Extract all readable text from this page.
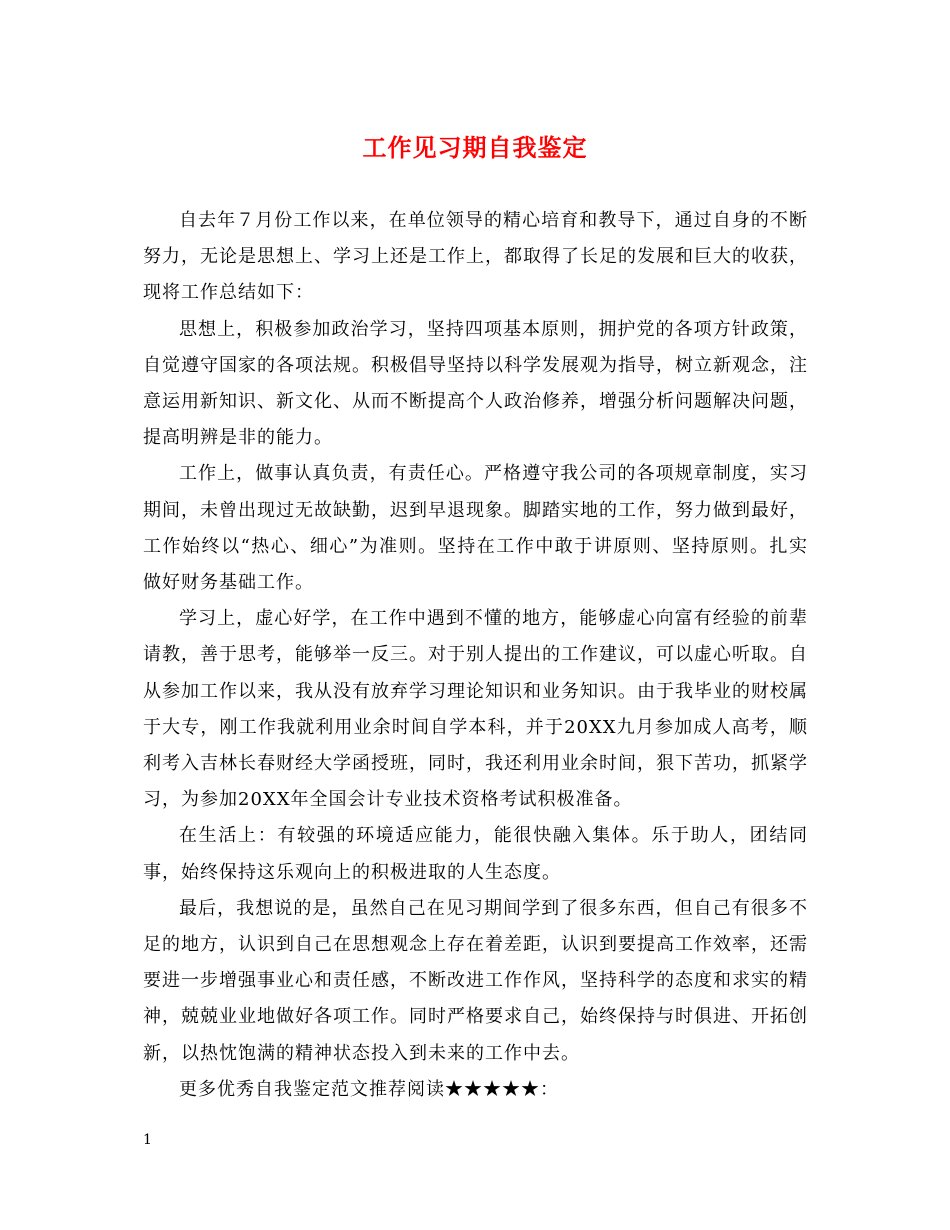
工作见习期自我鉴定

自去年７月份工作以来，在单位领导的精心培育和教导下，通过自身的不断努力，无论是思想上、学习上还是工作上，都取得了长足的发展和巨大的收获，现将工作总结如下：

思想上，积极参加政治学习，坚持四项基本原则，拥护党的各项方针政策，自觉遵守国家的各项法规。积极倡导坚持以科学发展观为指导，树立新观念，注意运用新知识、新文化、从而不断提高个人政治修养，增强分析问题解决问题，提高明辨是非的能力。

工作上，做事认真负责，有责任心。严格遵守我公司的各项规章制度，实习期间，未曾出现过无故缺勤，迟到早退现象。脚踏实地的工作，努力做到最好，工作始终以“热心、细心”为准则。坚持在工作中敢于讲原则、坚持原则。扎实做好财务基础工作。

学习上，虚心好学，在工作中遇到不懂的地方，能够虚心向富有经验的前辈请教，善于思考，能够举一反三。对于别人提出的工作建议，可以虚心听取。自从参加工作以来，我从没有放弃学习理论知识和业务知识。由于我毕业的财校属于大专，刚工作我就利用业余时间自学本科，并于20XX九月参加成人高考，顺利考入吉林长春财经大学函授班，同时，我还利用业余时间，狠下苦功，抓紧学习，为参加20XX年全国会计专业技术资格考试积极准备。

在生活上：有较强的环境适应能力，能很快融入集体。乐于助人，团结同事，始终保持这乐观向上的积极进取的人生态度。

最后，我想说的是，虽然自己在见习期间学到了很多东西，但自己有很多不足的地方，认识到自己在思想观念上存在着差距，认识到要提高工作效率，还需要进一步增强事业心和责任感，不断改进工作作风，坚持科学的态度和求实的精神，兢兢业业地做好各项工作。同时严格要求自己，始终保持与时俱进、开拓创新，以热忱饱满的精神状态投入到未来的工作中去。

更多优秀自我鉴定范文推荐阅读★★★★★：

1
